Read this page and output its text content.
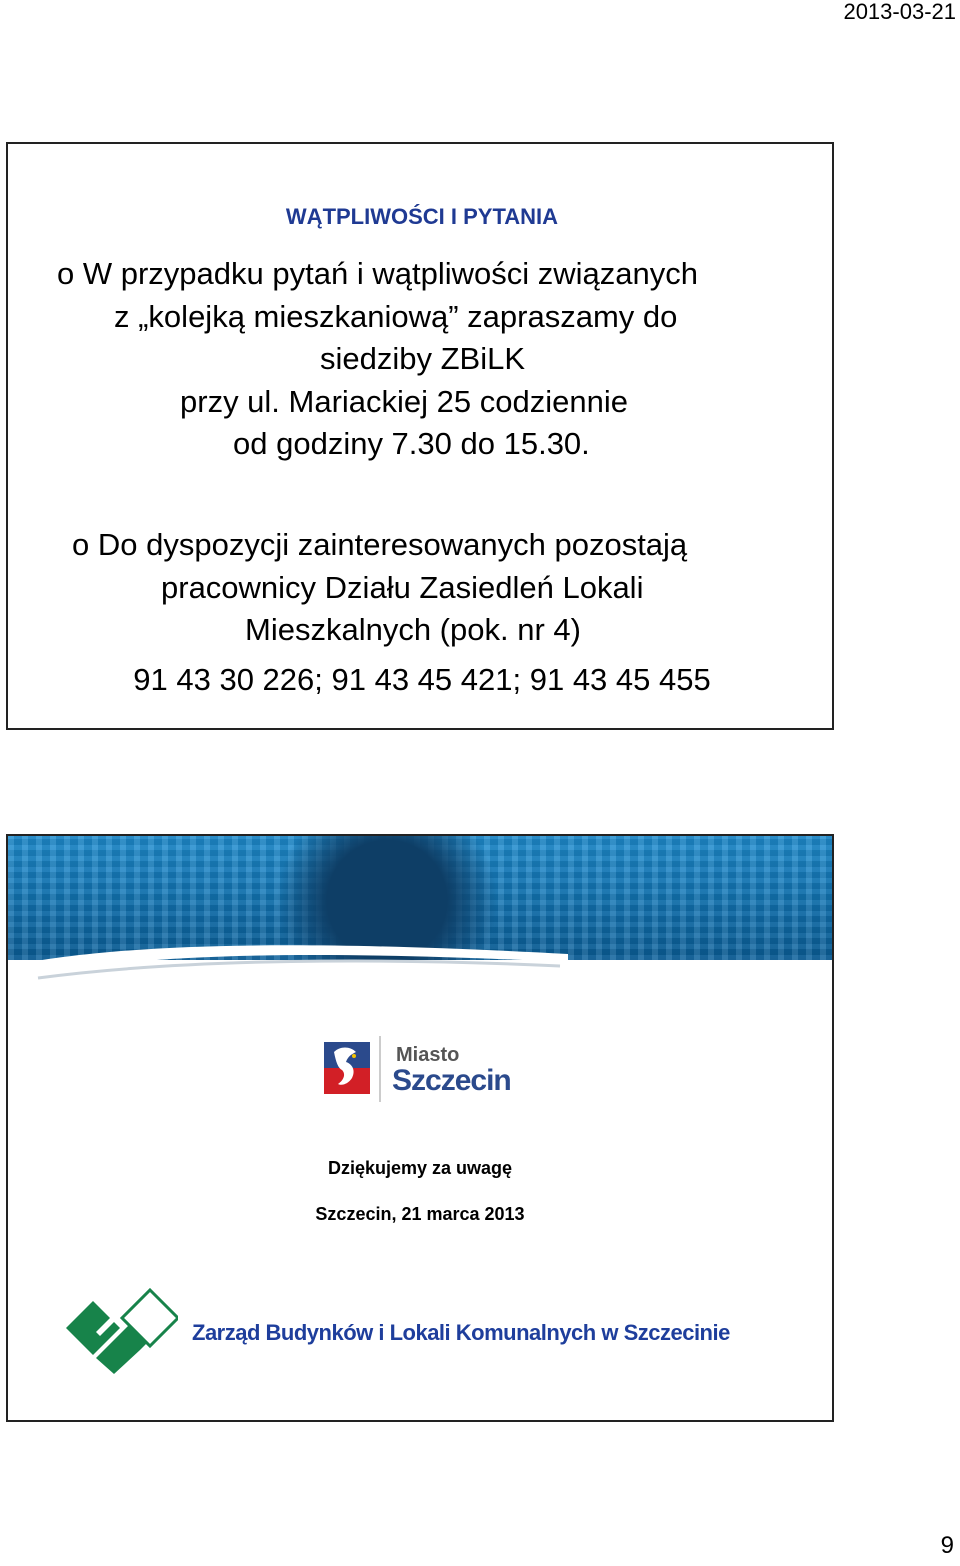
2013-03-21
WĄTPLIWOŚCI I PYTANIA
o W przypadku pytań i wątpliwości związanych
z „kolejką mieszkaniową” zapraszamy do
siedziby ZBiLK
przy ul. Mariackiej 25 codziennie
od godziny 7.30 do 15.30.
o Do dyspozycji zainteresowanych pozostają
pracownicy Działu Zasiedleń Lokali
Mieszkalnych (pok. nr 4)
91 43 30 226; 91 43 45 421; 91 43 45 455
Miasto
Szczecin
Dziękujemy za uwagę
Szczecin, 21 marca 2013
Zarząd Budynków i Lokali Komunalnych w Szczecinie
9
